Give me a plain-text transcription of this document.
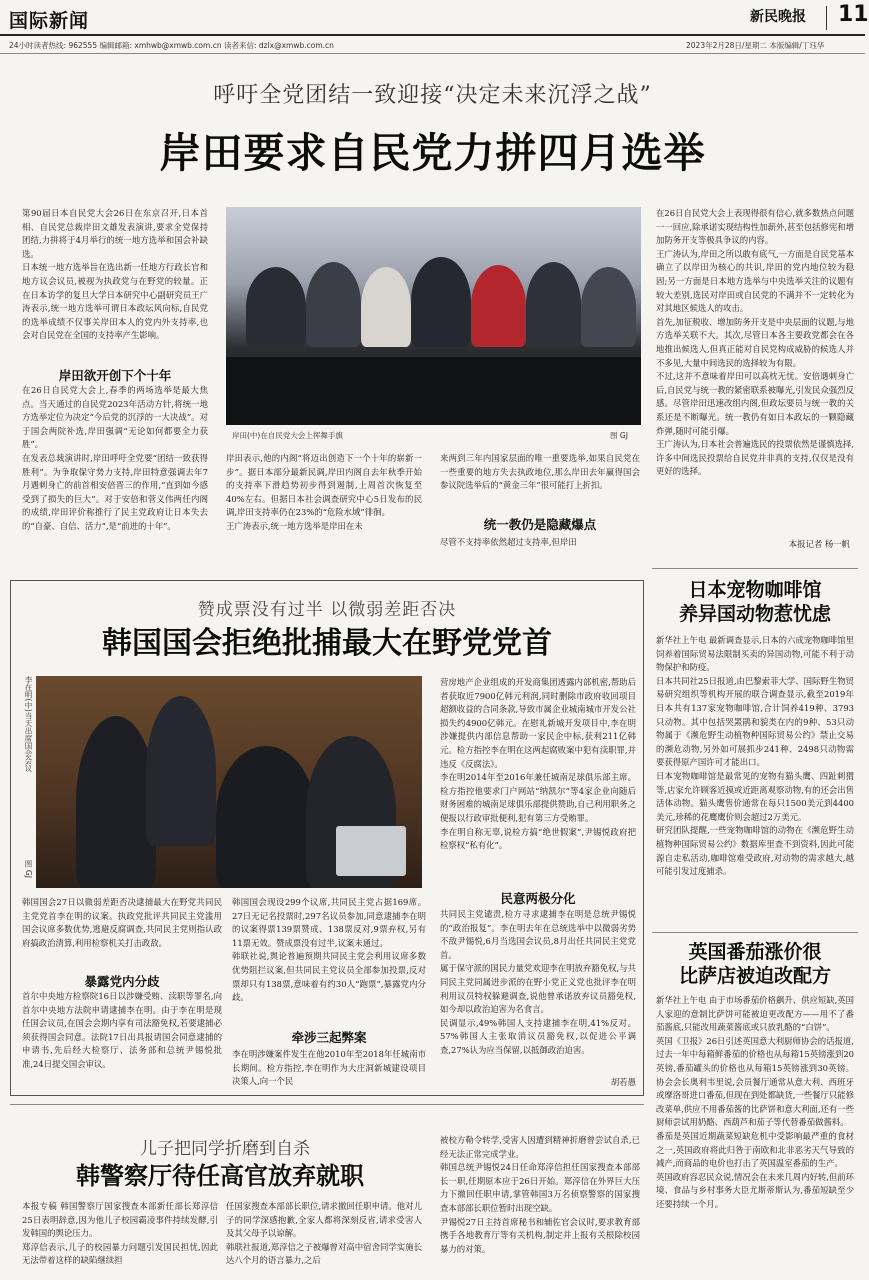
国际新闻	新民晚报 11
24小时读者热线: 962555 编辑邮箱: xmhwb@xmwb.com.cn 读者来信: dzlx@xmwb.com.cn	2023年2月28日/星期二 本版编辑/丁珏华
呼吁全党团结一致迎接“决定未来沉浮之战”
岸田要求自民党力拼四月选举
第90届日本自民党大会26日在东京召开,日本首相、自民党总裁岸田文雄发表演讲,要求全党保持团结,力拼将于4月举行的统一地方选举和国会补缺选。
日本统一地方选举旨在选出新一任地方行政长官和地方议会议员,被视为执政党与在野党的较量。正在日本访学的复旦大学日本研究中心副研究员王广涛表示,统一地方选举可谓日本政坛风向标,自民党的选举成绩不仅事关岸田本人的党内外支持率,也会对自民党在全国的支持率产生影响。
岸田欲开创下个十年
在26日自民党大会上,春季的两场选举是最大焦点。当天通过的自民党2023年活动方针,将统一地方选举定位为决定“今后党的沉浮的一大决战”。对于国会两院补选,岸田强调“无论如何都要全力获胜”。
在发表总裁演讲时,岸田呼吁全党要“团结一致获得胜利”。为争取保守势力支持,岸田特意强调去年7月遇刺身亡的前首相安倍晋三的作用,“直到如今感受到了损失的巨大”。对于安倍和菅义伟两任内阁的成绩,岸田评价称推行了民主党政府让日本失去的“自豪、自信、活力”,是“前进的十年”。
岸田(中)在自民党大会上挥舞手旗	图 GJ
岸田表示,他的内阁“将迈出创造下一个十年的崭新一步”。据日本部分最新民调,岸田内阁自去年秋季开始的支持率下滑趋势初步得到遏制,上周首次恢复至40%左右。但据日本社会调查研究中心5日发布的民调,岸田支持率仍在23%的“危险水域”徘徊。
王广涛表示,统一地方选举是岸田在未
来两到三年内国家层面的唯一重要选举,如果自民党在一些重要的地方失去执政地位,那么岸田去年赢得国会参议院选举后的“黄金三年”很可能打上折扣。
统一教仍是隐藏爆点
尽管不支持率依然超过支持率,但岸田
在26日自民党大会上表现得很有信心,就多数热点问题一一回应,除承诺实现结构性加薪外,甚至包括修宪和增加防务开支等极具争议的内容。
王广涛认为,岸田之所以敢有底气,一方面是自民党基本确立了以岸田为核心的共识,岸田的党内地位较为稳固;另一方面是日本地方选举与中央选举关注的议题有较大差别,选民对岸田或自民党的不满并不一定转化为对其地区候选人的攻击。
首先,加征税收、增加防务开支是中央层面的议题,与地方选举关联不大。其次,尽管日本各主要政党都会在各地推出候选人,但真正能对自民党构成威胁的候选人并不多见,大量中间选民的选择较为有限。
不过,这并不意味着岸田可以高枕无忧。安倍遇刺身亡后,自民党与统一教的紧密联系被曝光,引发民众强烈反感。尽管岸田迅速改组内阁,但政坛要员与统一教的关系还是不断曝光。统一教仍有如日本政坛的一颗隐藏炸弹,随时可能引爆。
王广涛认为,日本社会普遍选民的投票依然是谨慎选择,许多中间选民投票给自民党并非真的支持,仅仅是没有更好的选择。
本报记者 杨一帆
赞成票没有过半 以微弱差距否决
韩国国会拒绝批捕最大在野党党首
李在明(中)当天出席国会会议
图 GJ
韩国国会27日以微弱差距否决逮捕最大在野党共同民主党党首李在明的议案。执政党批评共同民主党滥用国会议席多数优势,逃避反腐调查,共同民主党则指认政府搞政治清算,利用检察机关打击政敌。
暴露党内分歧
首尔中央地方检察院16日以涉嫌受贿、渎职等罪名,向首尔中央地方法院申请逮捕李在明。由于李在明是现任国会议员,在国会会期内享有司法豁免权,若要逮捕必须获得国会同意。法院17日出具报请国会同意逮捕的申请书,先后经大检察厅、法务部和总统尹锡悦批准,24日提交国会审议。
韩国国会现设299个议席,共同民主党占据169席。27日无记名投票时,297名议员参加,同意逮捕李在明的议案得票139票赞成、138票反对,9票弃权,另有11票无效。赞成票没有过半,议案未通过。
韩联社说,舆论普遍预期共同民主党会利用议席多数优势阻拦议案,但共同民主党议员全部参加投票,反对票却只有138票,意味着有约30人“跑票”,暴露党内分歧。
牵涉三起弊案
李在明涉嫌案件发生在他2010年至2018年任城南市长期间。检方指控,李在明作为大庄洞新城建设项目决策人,向一个民
营房地产企业组成的开发商集团透露内部机密,帮助后者获取近7900亿韩元利润,同时删除市政府收回项目超额收益的合同条款,导致市属企业城南城市开发公社损失约4900亿韩元。在慰礼新城开发项目中,李在明涉嫌提供内部信息帮助一家民企中标,获利211亿韩元。检方指控李在明在这两起腐败案中犯有渎职罪,并违反《反腐法》。
李在明2014年至2016年兼任城南足球俱乐部主席。检方指控他要求门户网站“纳凯尔”等4家企业向随后财务困难的城南足球俱乐部提供赞助,自己利用职务之便报以行政审批便利,犯有第三方受贿罪。
李在明自称无辜,说检方搞“绝世假案”,尹锡悦政府把检察权“私有化”。
民意两极分化
共同民主党谴责,检方寻求逮捕李在明是总统尹锡悦的“政治报复”。李在明去年在总统选举中以微弱劣势不敌尹锡悦,6月当选国会议员,8月出任共同民主党党首。
属于保守派的国民力量党欢迎李在明放弃豁免权,与共同民主党同属进步派的在野小党正义党也批评李在明利用议员特权躲避调查,说他曾承诺放弃议员豁免权,如今却以政治迫害为名食言。
民调显示,49%韩国人支持逮捕李在明,41%反对。57%韩国人主张取消议员豁免权,以促进公平调查,27%认为应当保留,以抵御政治迫害。
胡若愚
日本宠物咖啡馆
养异国动物惹忧虑
新华社上午电 最新调查显示,日本的六成宠物咖啡馆里饲养着国际贸易法限制买卖的异国动物,可能不利于动物保护和防疫。
日本共同社25日报道,由巴黎索菲大学、国际野生物贸易研究组织等机构开展的联合调查显示,截至2019年日本共有137家宠物咖啡馆,合计饲养419种、3793只动物。其中包括哭罴鹃和貌类在内的9种、53只动物属于《濒危野生动植物种国际贸易公约》禁止交易的濒危动物,另外如可展抓步241种、2498只动物需要获得原产国许可才能出口。
日本宠物咖啡馆是最常见的宠物有猫头鹰、四趾刺猬等,店家允许顾客近摸或近距离观察动物,有的还会出售活体动物。猫头鹰售价通常在每只1500美元到4400美元,珍稀的花鹰鹰价则会超过2万美元。
研究团队提醒,一些宠物咖啡馆的动物在《濒危野生动植物种国际贸易公约》数据库里查不到资料,因此可能源自走私活动,咖啡馆难受政府,对动物的需求越大,越可能引发过度捕杀。
英国番茄涨价很
比萨店被迫改配方
新华社上午电 由于市场番茄价格飙升、供应短缺,英国人家迎的意制比萨饼可能被迫更改配方——用不了番茄酱底,只能改用蔬菜酱底或只放乳酪的“白饼”。
英国《卫报》26日引述英国意大利厨师协会的话报道,过去一年中每箱鲜番茄的价格也从每箱15英镑涨到20英镑,番茄罐头的价格也从每箱15英镑涨到30英镑。协会会长奥利韦里说,会员餐厅通常从意大利、西班牙或摩洛哥进口番茄,但现在到处都缺货,一些餐厅只能修改菜单,供应不用番茄酱的比萨饼和意大利面,还有一些厨师尝试用奶酪、西葫芦和茄子等代替番茄做酱料。
番茄是英国近期蔬菜短缺危机中受影响最严重的食材之一,英国政府将此归咎于南欧和北非恶劣天气导致的减产,而商品的电价也打击了英国温室番茄的生产。
英国政府容忍民众说,情况会在未来几周内好转,但前环境、食品与乡村事务大臣尤斯蒂斯认为,番茄短缺至少还要持续一个月。
儿子把同学折磨到自杀
韩警察厅待任高官放弃就职
本报专稿 韩国警察厅国家搜查本部新任部长郑淳信25日表明辞意,因为他儿子校园霸凌事件持续发酵,引发韩国的舆论压力。
郑淳信表示,儿子的校园暴力问题引发国民担忧,因此无法带着这样的缺陷继续担
任国家搜查本部部长职位,请求撤回任职申请。他对儿子的同学深感抱歉,全家人都将深刻反省,请求受害人及其父母予以谅解。
韩联社报道,郑淳信之子被爆曾对高中宿舍同学实施长达八个月的语言暴力,之后
被校方勒令转学,受害人因遭到精神折磨曾尝试自杀,已经无法正常完成学业。
韩国总统尹锡悦24日任命郑淳信担任国家搜查本部部长一职,任期原本应于26日开始。郑淳信在外界巨大压力下撤回任职申请,掌管韩国3万名侦察警察的国家搜查本部部长职位暂时出现空缺。
尹锡悦27日主持首席秘书和辅佐官会议时,要求教育部携手各地教育厅等有关机构,制定并上报有关根除校园暴力的对策。
